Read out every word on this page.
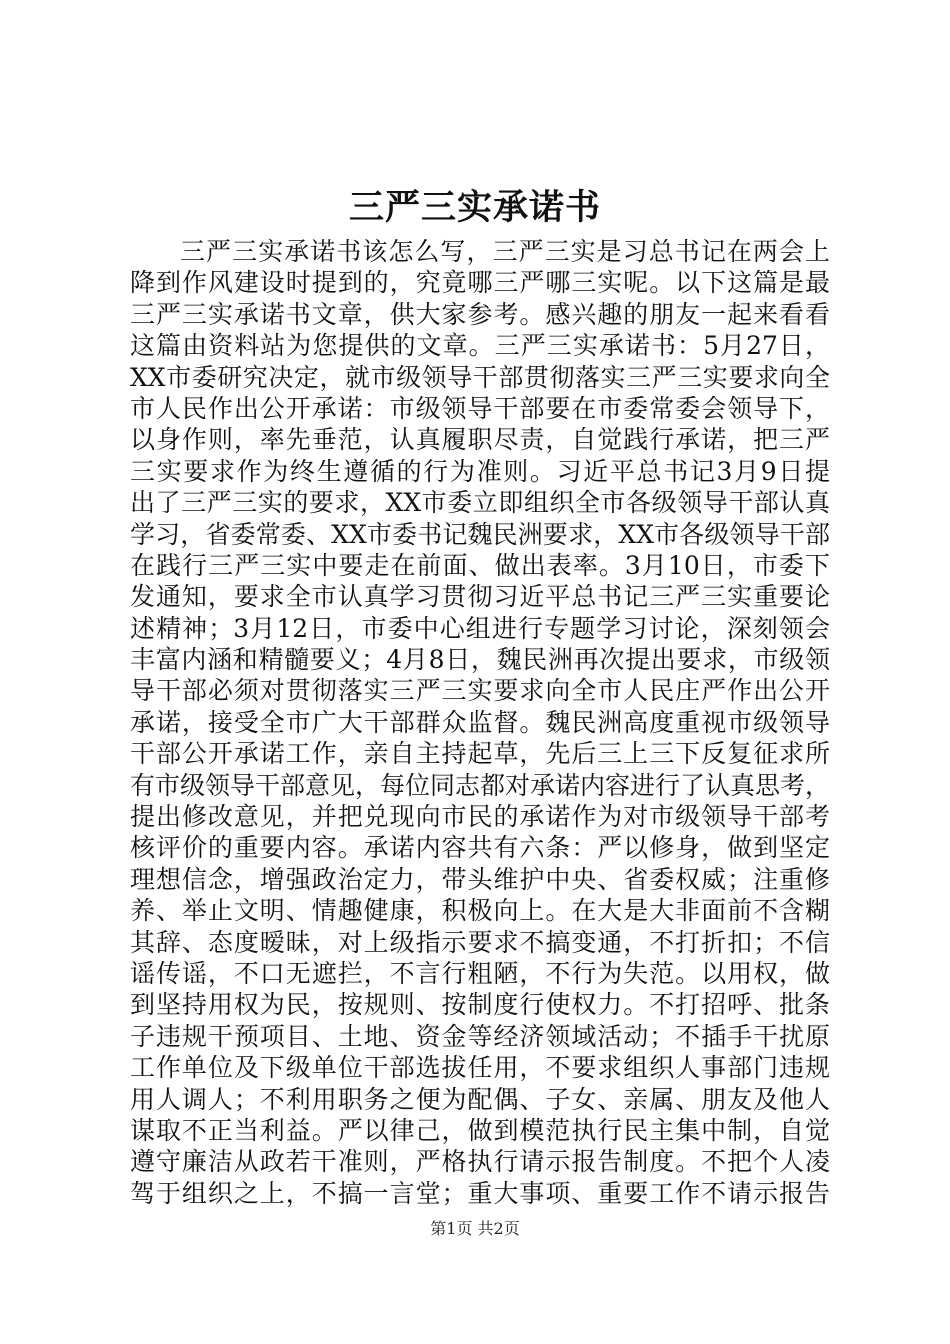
三严三实承诺书
三严三实承诺书该怎么写，三严三实是习总书记在两会上
降到作风建设时提到的，究竟哪三严哪三实呢。以下这篇是最
三严三实承诺书文章，供大家参考。感兴趣的朋友一起来看看
这篇由资料站为您提供的文章。三严三实承诺书：5月27日，
XX市委研究决定，就市级领导干部贯彻落实三严三实要求向全
市人民作出公开承诺：市级领导干部要在市委常委会领导下，
以身作则，率先垂范，认真履职尽责，自觉践行承诺，把三严
三实要求作为终生遵循的行为准则。习近平总书记3月9日提
出了三严三实的要求，XX市委立即组织全市各级领导干部认真
学习，省委常委、XX市委书记魏民洲要求，XX市各级领导干部
在践行三严三实中要走在前面、做出表率。3月10日，市委下
发通知，要求全市认真学习贯彻习近平总书记三严三实重要论
述精神；3月12日，市委中心组进行专题学习讨论，深刻领会
丰富内涵和精髓要义；4月8日，魏民洲再次提出要求，市级领
导干部必须对贯彻落实三严三实要求向全市人民庄严作出公开
承诺，接受全市广大干部群众监督。魏民洲高度重视市级领导
干部公开承诺工作，亲自主持起草，先后三上三下反复征求所
有市级领导干部意见，每位同志都对承诺内容进行了认真思考，
提出修改意见，并把兑现向市民的承诺作为对市级领导干部考
核评价的重要内容。承诺内容共有六条：严以修身，做到坚定
理想信念，增强政治定力，带头维护中央、省委权威；注重修
养、举止文明、情趣健康，积极向上。在大是大非面前不含糊
其辞、态度暧昧，对上级指示要求不搞变通，不打折扣；不信
谣传谣，不口无遮拦，不言行粗陋，不行为失范。以用权，做
到坚持用权为民，按规则、按制度行使权力。不打招呼、批条
子违规干预项目、土地、资金等经济领域活动；不插手干扰原
工作单位及下级单位干部选拔任用，不要求组织人事部门违规
用人调人；不利用职务之便为配偶、子女、亲属、朋友及他人
谋取不正当利益。严以律己，做到模范执行民主集中制，自觉
遵守廉洁从政若干准则，严格执行请示报告制度。不把个人凌
驾于组织之上，不搞一言堂；重大事项、重要工作不请示报告
第1页 共2页
